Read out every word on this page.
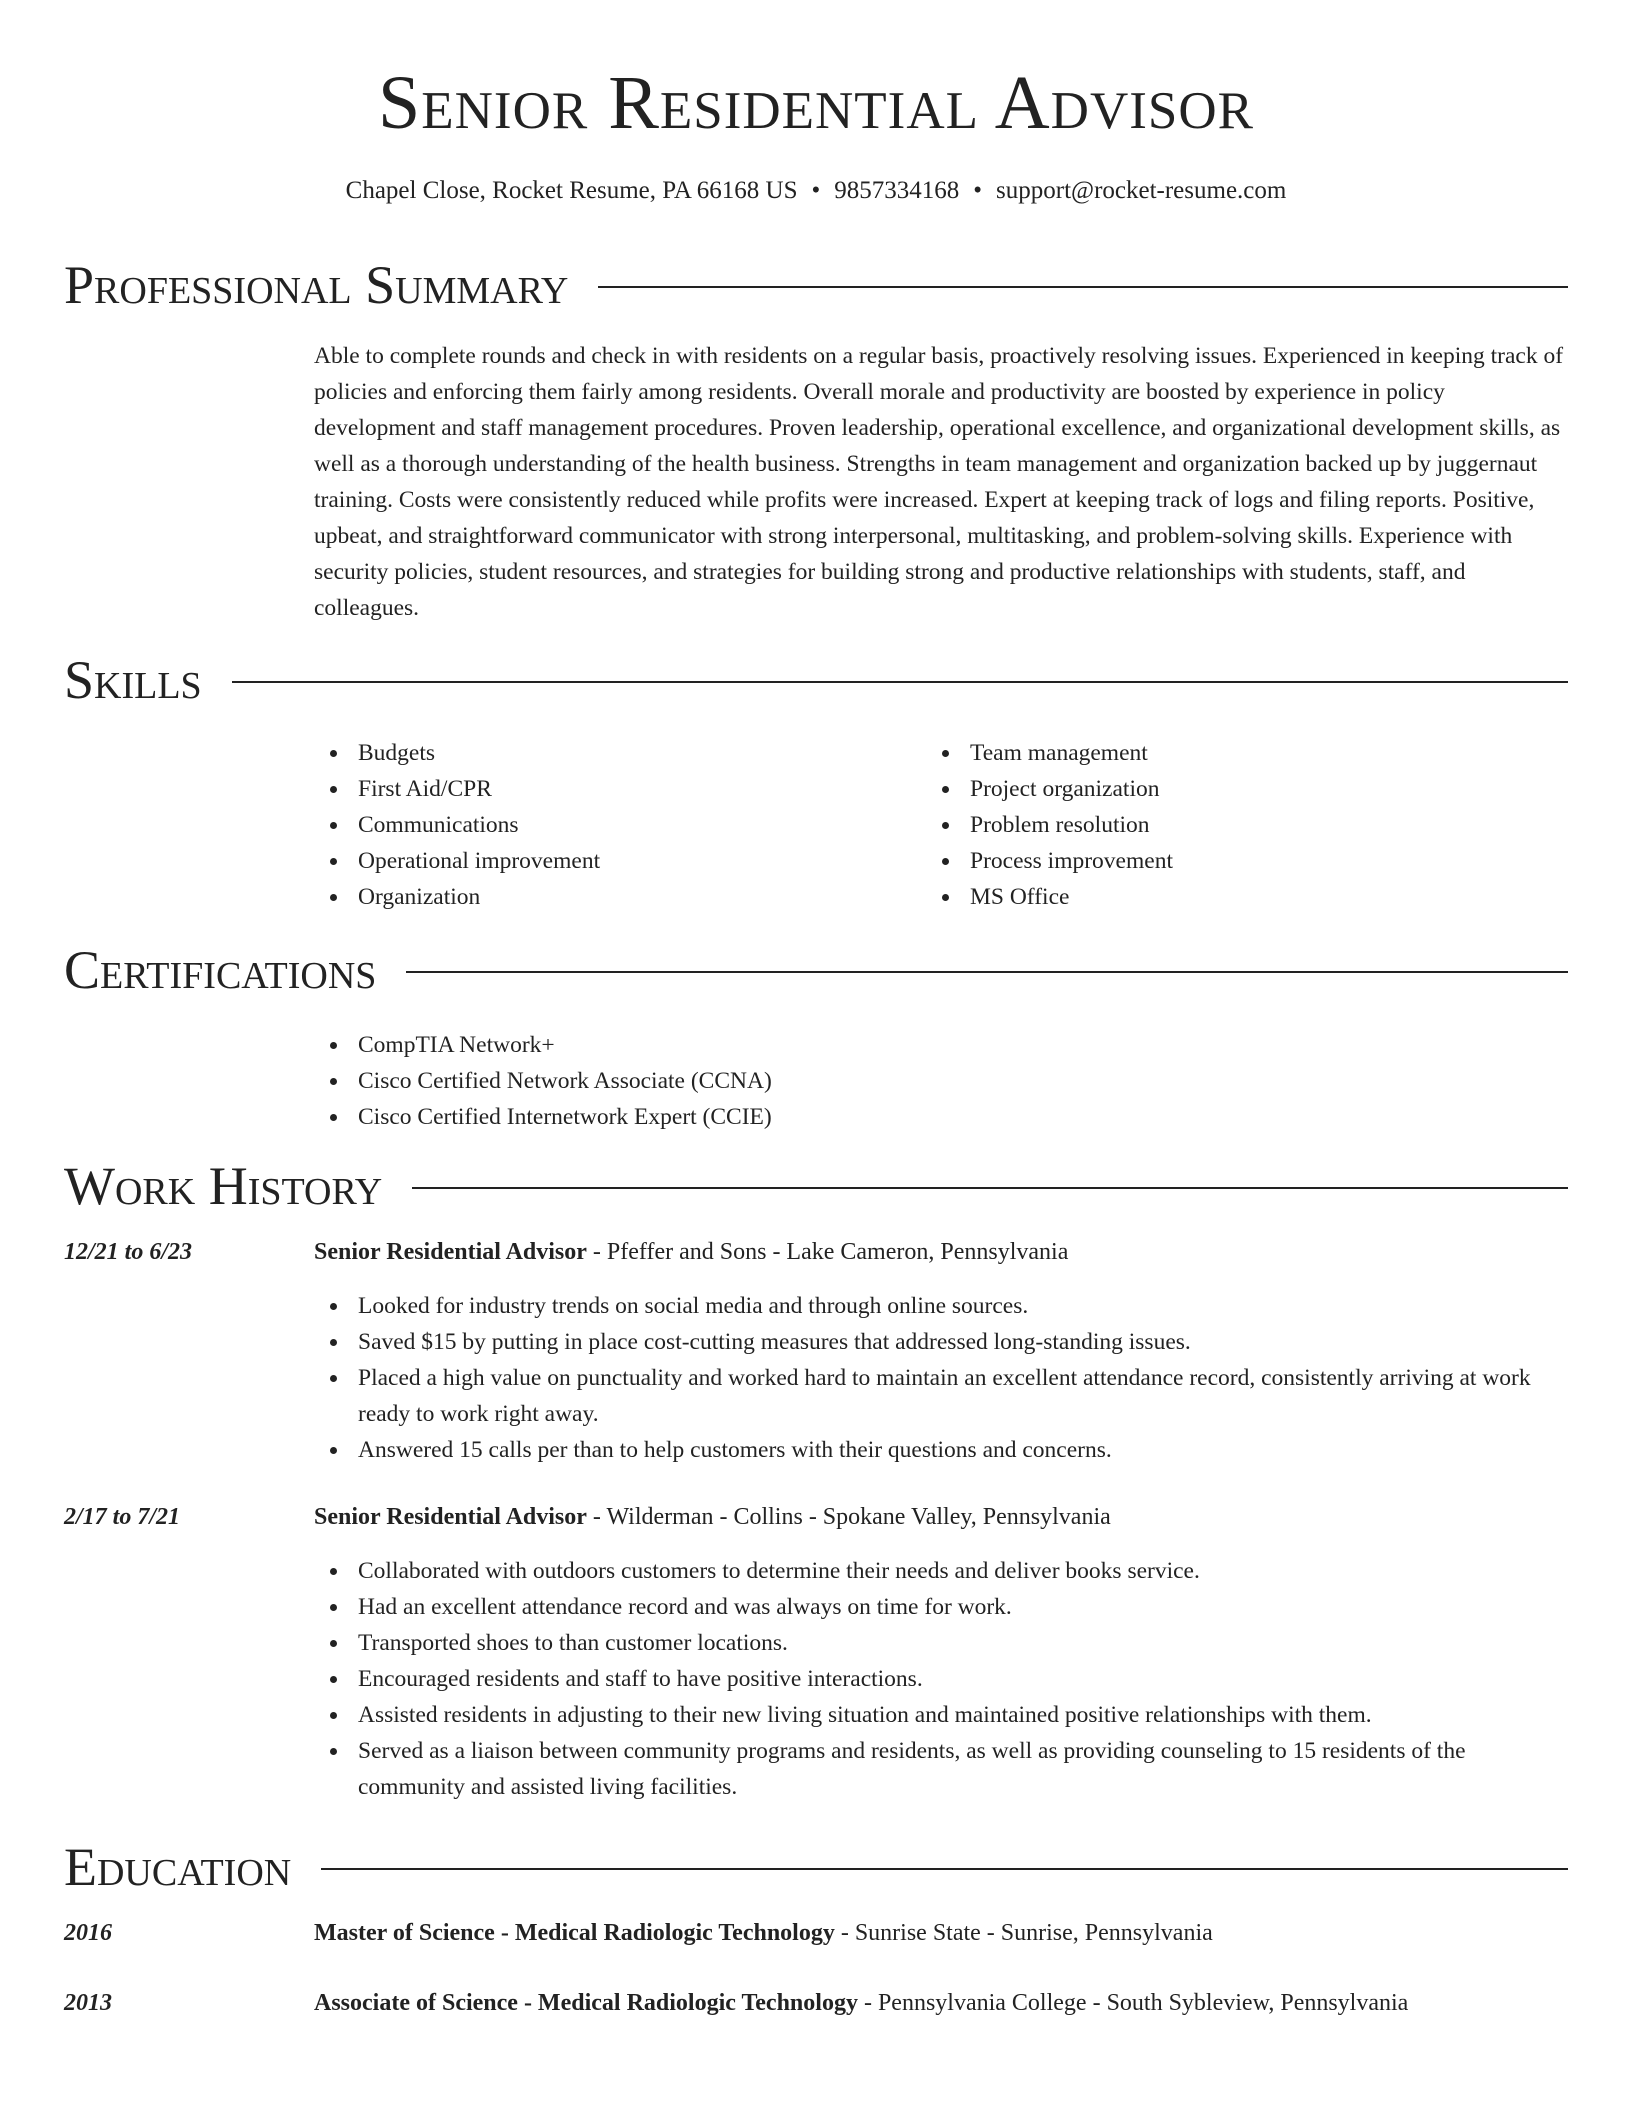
Senior Residential Advisor
Chapel Close, Rocket Resume, PA 66168 US • 9857334168 • support@rocket-resume.com
Professional Summary
Able to complete rounds and check in with residents on a regular basis, proactively resolving issues. Experienced in keeping track of policies and enforcing them fairly among residents. Overall morale and productivity are boosted by experience in policy development and staff management procedures. Proven leadership, operational excellence, and organizational development skills, as well as a thorough understanding of the health business. Strengths in team management and organization backed up by juggernaut training. Costs were consistently reduced while profits were increased. Expert at keeping track of logs and filing reports. Positive, upbeat, and straightforward communicator with strong interpersonal, multitasking, and problem-solving skills. Experience with security policies, student resources, and strategies for building strong and productive relationships with students, staff, and colleagues.
Skills
Budgets
First Aid/CPR
Communications
Operational improvement
Organization
Team management
Project organization
Problem resolution
Process improvement
MS Office
Certifications
CompTIA Network+
Cisco Certified Network Associate (CCNA)
Cisco Certified Internetwork Expert (CCIE)
Work History
12/21 to 6/23	Senior Residential Advisor - Pfeffer and Sons - Lake Cameron, Pennsylvania
Looked for industry trends on social media and through online sources.
Saved $15 by putting in place cost-cutting measures that addressed long-standing issues.
Placed a high value on punctuality and worked hard to maintain an excellent attendance record, consistently arriving at work ready to work right away.
Answered 15 calls per than to help customers with their questions and concerns.
2/17 to 7/21	Senior Residential Advisor - Wilderman - Collins - Spokane Valley, Pennsylvania
Collaborated with outdoors customers to determine their needs and deliver books service.
Had an excellent attendance record and was always on time for work.
Transported shoes to than customer locations.
Encouraged residents and staff to have positive interactions.
Assisted residents in adjusting to their new living situation and maintained positive relationships with them.
Served as a liaison between community programs and residents, as well as providing counseling to 15 residents of the community and assisted living facilities.
Education
2016	Master of Science - Medical Radiologic Technology - Sunrise State - Sunrise, Pennsylvania
2013	Associate of Science - Medical Radiologic Technology - Pennsylvania College - South Sybleview, Pennsylvania
